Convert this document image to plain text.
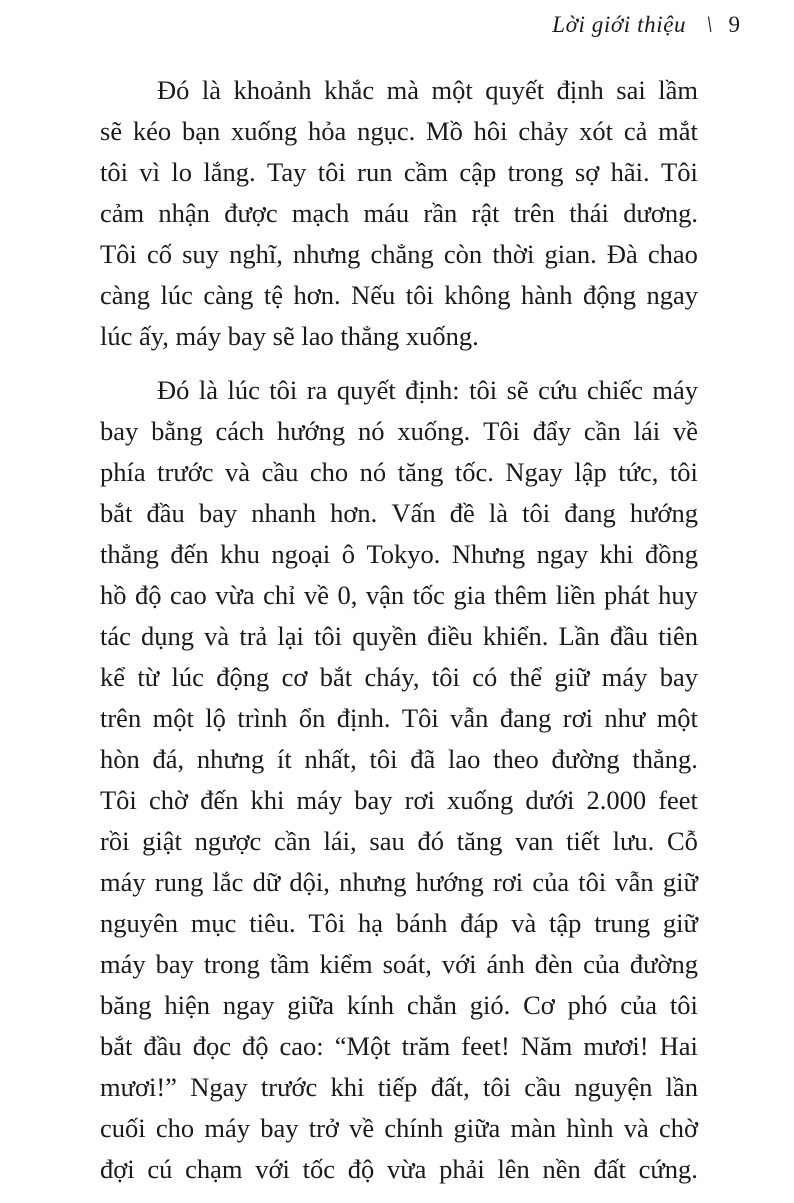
Lời giới thiệu \ 9
Đó là khoảnh khắc mà một quyết định sai lầm
sẽ kéo bạn xuống hỏa ngục. Mồ hôi chảy xót cả mắt
tôi vì lo lắng. Tay tôi run cầm cập trong sợ hãi. Tôi
cảm nhận được mạch máu rần rật trên thái dương.
Tôi cố suy nghĩ, nhưng chẳng còn thời gian. Đà chao
càng lúc càng tệ hơn. Nếu tôi không hành động ngay
lúc ấy, máy bay sẽ lao thẳng xuống.
Đó là lúc tôi ra quyết định: tôi sẽ cứu chiếc máy
bay bằng cách hướng nó xuống. Tôi đẩy cần lái về
phía trước và cầu cho nó tăng tốc. Ngay lập tức, tôi
bắt đầu bay nhanh hơn. Vấn đề là tôi đang hướng
thẳng đến khu ngoại ô Tokyo. Nhưng ngay khi đồng
hồ độ cao vừa chỉ về 0, vận tốc gia thêm liền phát huy
tác dụng và trả lại tôi quyền điều khiển. Lần đầu tiên
kể từ lúc động cơ bắt cháy, tôi có thể giữ máy bay
trên một lộ trình ổn định. Tôi vẫn đang rơi như một
hòn đá, nhưng ít nhất, tôi đã lao theo đường thẳng.
Tôi chờ đến khi máy bay rơi xuống dưới 2.000 feet
rồi giật ngược cần lái, sau đó tăng van tiết lưu. Cỗ
máy rung lắc dữ dội, nhưng hướng rơi của tôi vẫn giữ
nguyên mục tiêu. Tôi hạ bánh đáp và tập trung giữ
máy bay trong tầm kiểm soát, với ánh đèn của đường
băng hiện ngay giữa kính chắn gió. Cơ phó của tôi
bắt đầu đọc độ cao: “Một trăm feet! Năm mươi! Hai
mươi!” Ngay trước khi tiếp đất, tôi cầu nguyện lần
cuối cho máy bay trở về chính giữa màn hình và chờ
đợi cú chạm với tốc độ vừa phải lên nền đất cứng.
